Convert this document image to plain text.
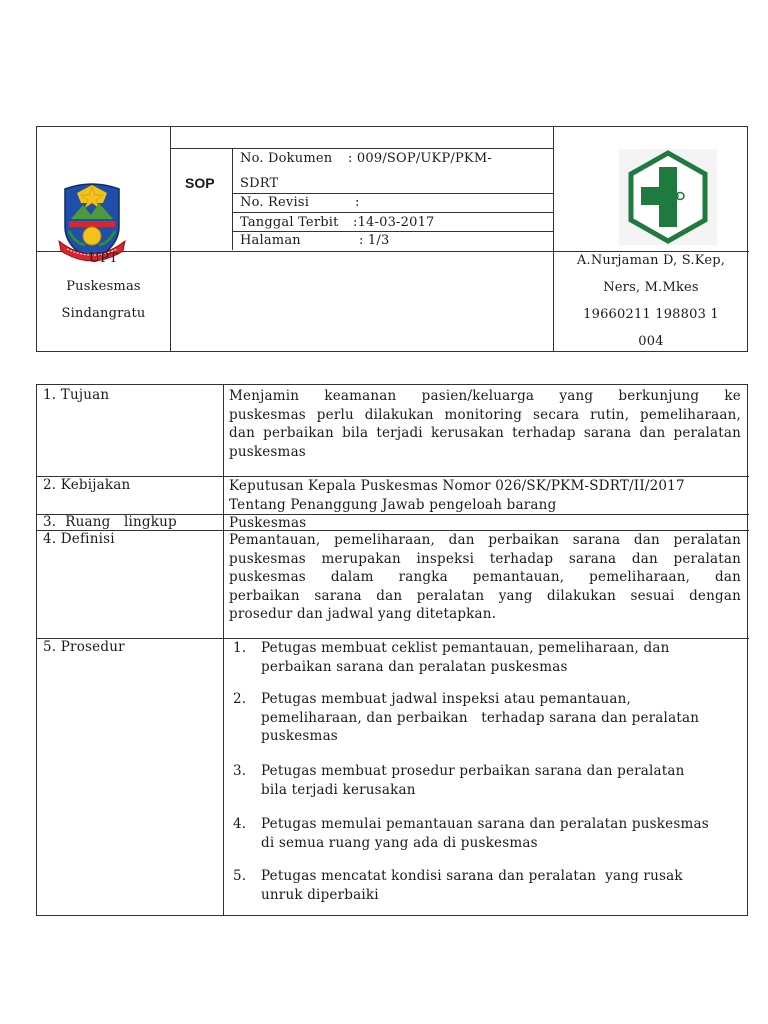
SOP
No. Dokumen : 009/SOP/UKP/PKM-
SDRT
No. Revisi	:
Tanggal Terbit :14-03-2017
Halaman	: 1/3
UPT
Puskesmas
Sindangratu
A.Nurjaman D, S.Kep,
Ners, M.Mkes
19660211 198803 1
004
1. Tujuan	Menjamin keamanan pasien/keluarga yang berkunjung ke
puskesmas perlu dilakukan monitoring secara rutin, pemeliharaan,
dan perbaikan bila terjadi kerusakan terhadap sarana dan peralatan
puskesmas
2. Kebijakan	Keputusan Kepala Puskesmas Nomor 026/SK/PKM-SDRT/II/2017
Tentang Penanggung Jawab pengeloah barang
3.  Ruang   lingkup	Puskesmas
4. Definisi	Pemantauan, pemeliharaan, dan perbaikan sarana dan peralatan
puskesmas merupakan inspeksi terhadap sarana dan peralatan
puskesmas dalam rangka pemantauan, pemeliharaan, dan
perbaikan sarana dan peralatan yang dilakukan sesuai dengan
prosedur dan jadwal yang ditetapkan.
5. Prosedur	1. Petugas membuat ceklist pemantauan, pemeliharaan, dan
perbaikan sarana dan peralatan puskesmas
2. Petugas membuat jadwal inspeksi atau pemantauan,
pemeliharaan, dan perbaikan   terhadap sarana dan peralatan
puskesmas
3. Petugas membuat prosedur perbaikan sarana dan peralatan
bila terjadi kerusakan
4. Petugas memulai pemantauan sarana dan peralatan puskesmas
di semua ruang yang ada di puskesmas
5. Petugas mencatat kondisi sarana dan peralatan  yang rusak
unruk diperbaiki
